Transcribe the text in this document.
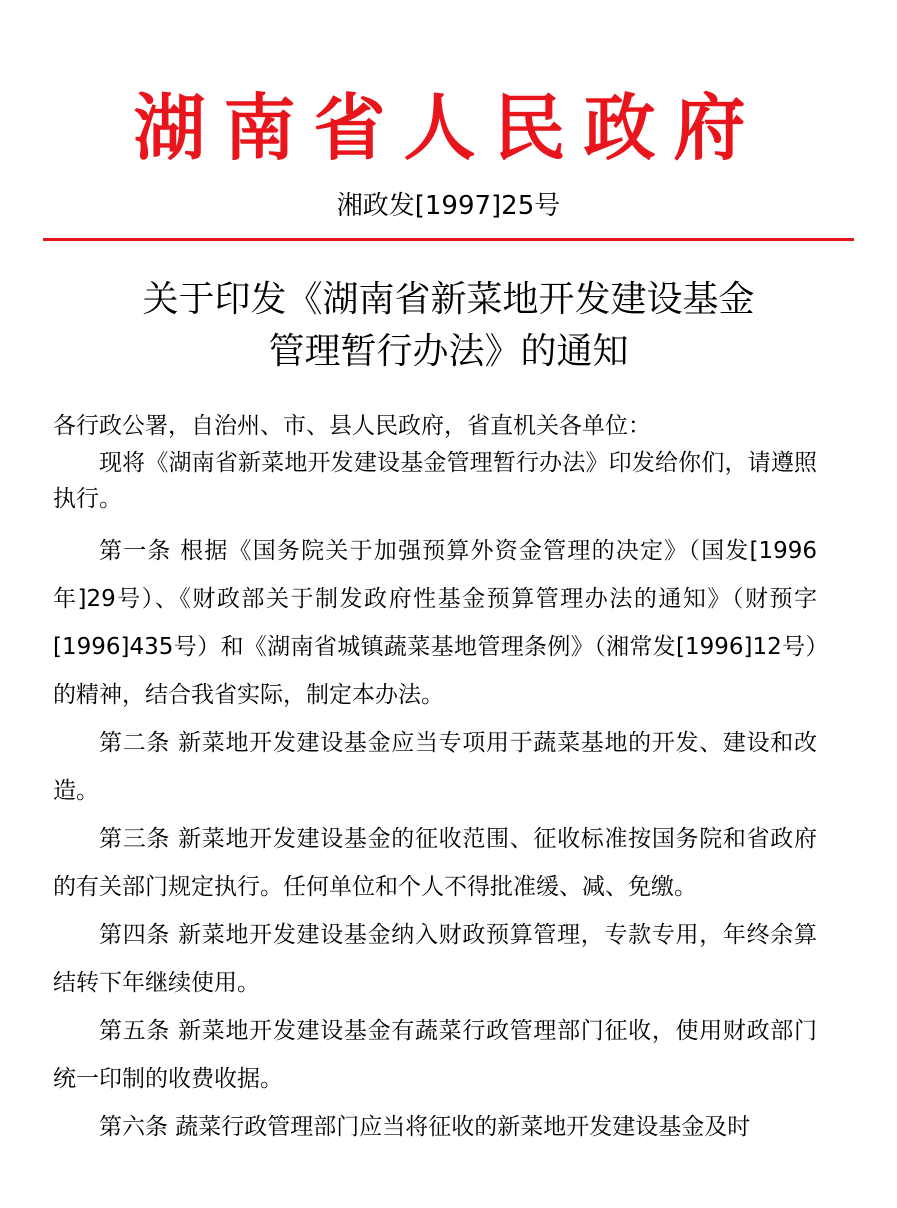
湖南省人民政府
湘政发[1997]25号
关于印发《湖南省新菜地开发建设基金
管理暂行办法》的通知

各行政公署，自治州、市、县人民政府，省直机关各单位：

现将《湖南省新菜地开发建设基金管理暂行办法》印发给你们，请遵照执行。

第一条 根据《国务院关于加强预算外资金管理的决定》（国发[1996年]29号）、《财政部关于制发政府性基金预算管理办法的通知》（财预字[1996]435号）和《湖南省城镇蔬菜基地管理条例》（湘常发[1996]12号）的精神，结合我省实际，制定本办法。

第二条 新菜地开发建设基金应当专项用于蔬菜基地的开发、建设和改造。

第三条 新菜地开发建设基金的征收范围、征收标准按国务院和省政府的有关部门规定执行。任何单位和个人不得批准缓、减、免缴。

第四条 新菜地开发建设基金纳入财政预算管理，专款专用，年终余算结转下年继续使用。

第五条 新菜地开发建设基金有蔬菜行政管理部门征收，使用财政部门统一印制的收费收据。

第六条 蔬菜行政管理部门应当将征收的新菜地开发建设基金及时
